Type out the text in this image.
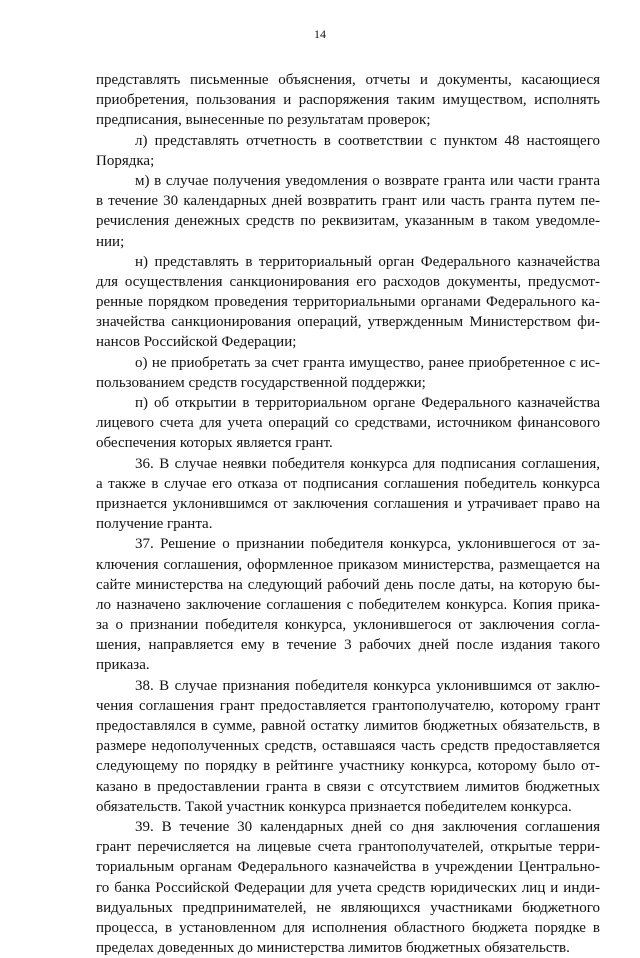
14
представлять письменные объяснения, отчеты и документы, касающиеся
приобретения, пользования и распоряжения таким имуществом, исполнять
предписания, вынесенные по результатам проверок;
л) представлять отчетность в соответствии с пунктом 48 настоящего
Порядка;
м) в случае получения уведомления о возврате гранта или части гранта
в течение 30 календарных дней возвратить грант или часть гранта путем пе-
речисления денежных средств по реквизитам, указанным в таком уведомле-
нии;
н) представлять в территориальный орган Федерального казначейства
для осуществления санкционирования его расходов документы, предусмот-
ренные порядком проведения территориальными органами Федерального ка-
значейства санкционирования операций, утвержденным Министерством фи-
нансов Российской Федерации;
о) не приобретать за счет гранта имущество, ранее приобретенное с ис-
пользованием средств государственной поддержки;
п) об открытии в территориальном органе Федерального казначейства
лицевого счета для учета операций со средствами, источником финансового
обеспечения которых является грант.
36. В случае неявки победителя конкурса для подписания соглашения,
а также в случае его отказа от подписания соглашения победитель конкурса
признается уклонившимся от заключения соглашения и утрачивает право на
получение гранта.
37. Решение о признании победителя конкурса, уклонившегося от за-
ключения соглашения, оформленное приказом министерства, размещается на
сайте министерства на следующий рабочий день после даты, на которую бы-
ло назначено заключение соглашения с победителем конкурса. Копия прика-
за о признании победителя конкурса, уклонившегося от заключения согла-
шения, направляется ему в течение 3 рабочих дней после издания такого
приказа.
38. В случае признания победителя конкурса уклонившимся от заклю-
чения соглашения грант предоставляется грантополучателю, которому грант
предоставлялся в сумме, равной остатку лимитов бюджетных обязательств, в
размере недополученных средств, оставшаяся часть средств предоставляется
следующему по порядку в рейтинге участнику конкурса, которому было от-
казано в предоставлении гранта в связи с отсутствием лимитов бюджетных
обязательств. Такой участник конкурса признается победителем конкурса.
39. В течение 30 календарных дней со дня заключения соглашения
грант перечисляется на лицевые счета грантополучателей, открытые терри-
ториальным органам Федерального казначейства в учреждении Центрально-
го банка Российской Федерации для учета средств юридических лиц и инди-
видуальных предпринимателей, не являющихся участниками бюджетного
процесса, в установленном для исполнения областного бюджета порядке в
пределах доведенных до министерства лимитов бюджетных обязательств.
